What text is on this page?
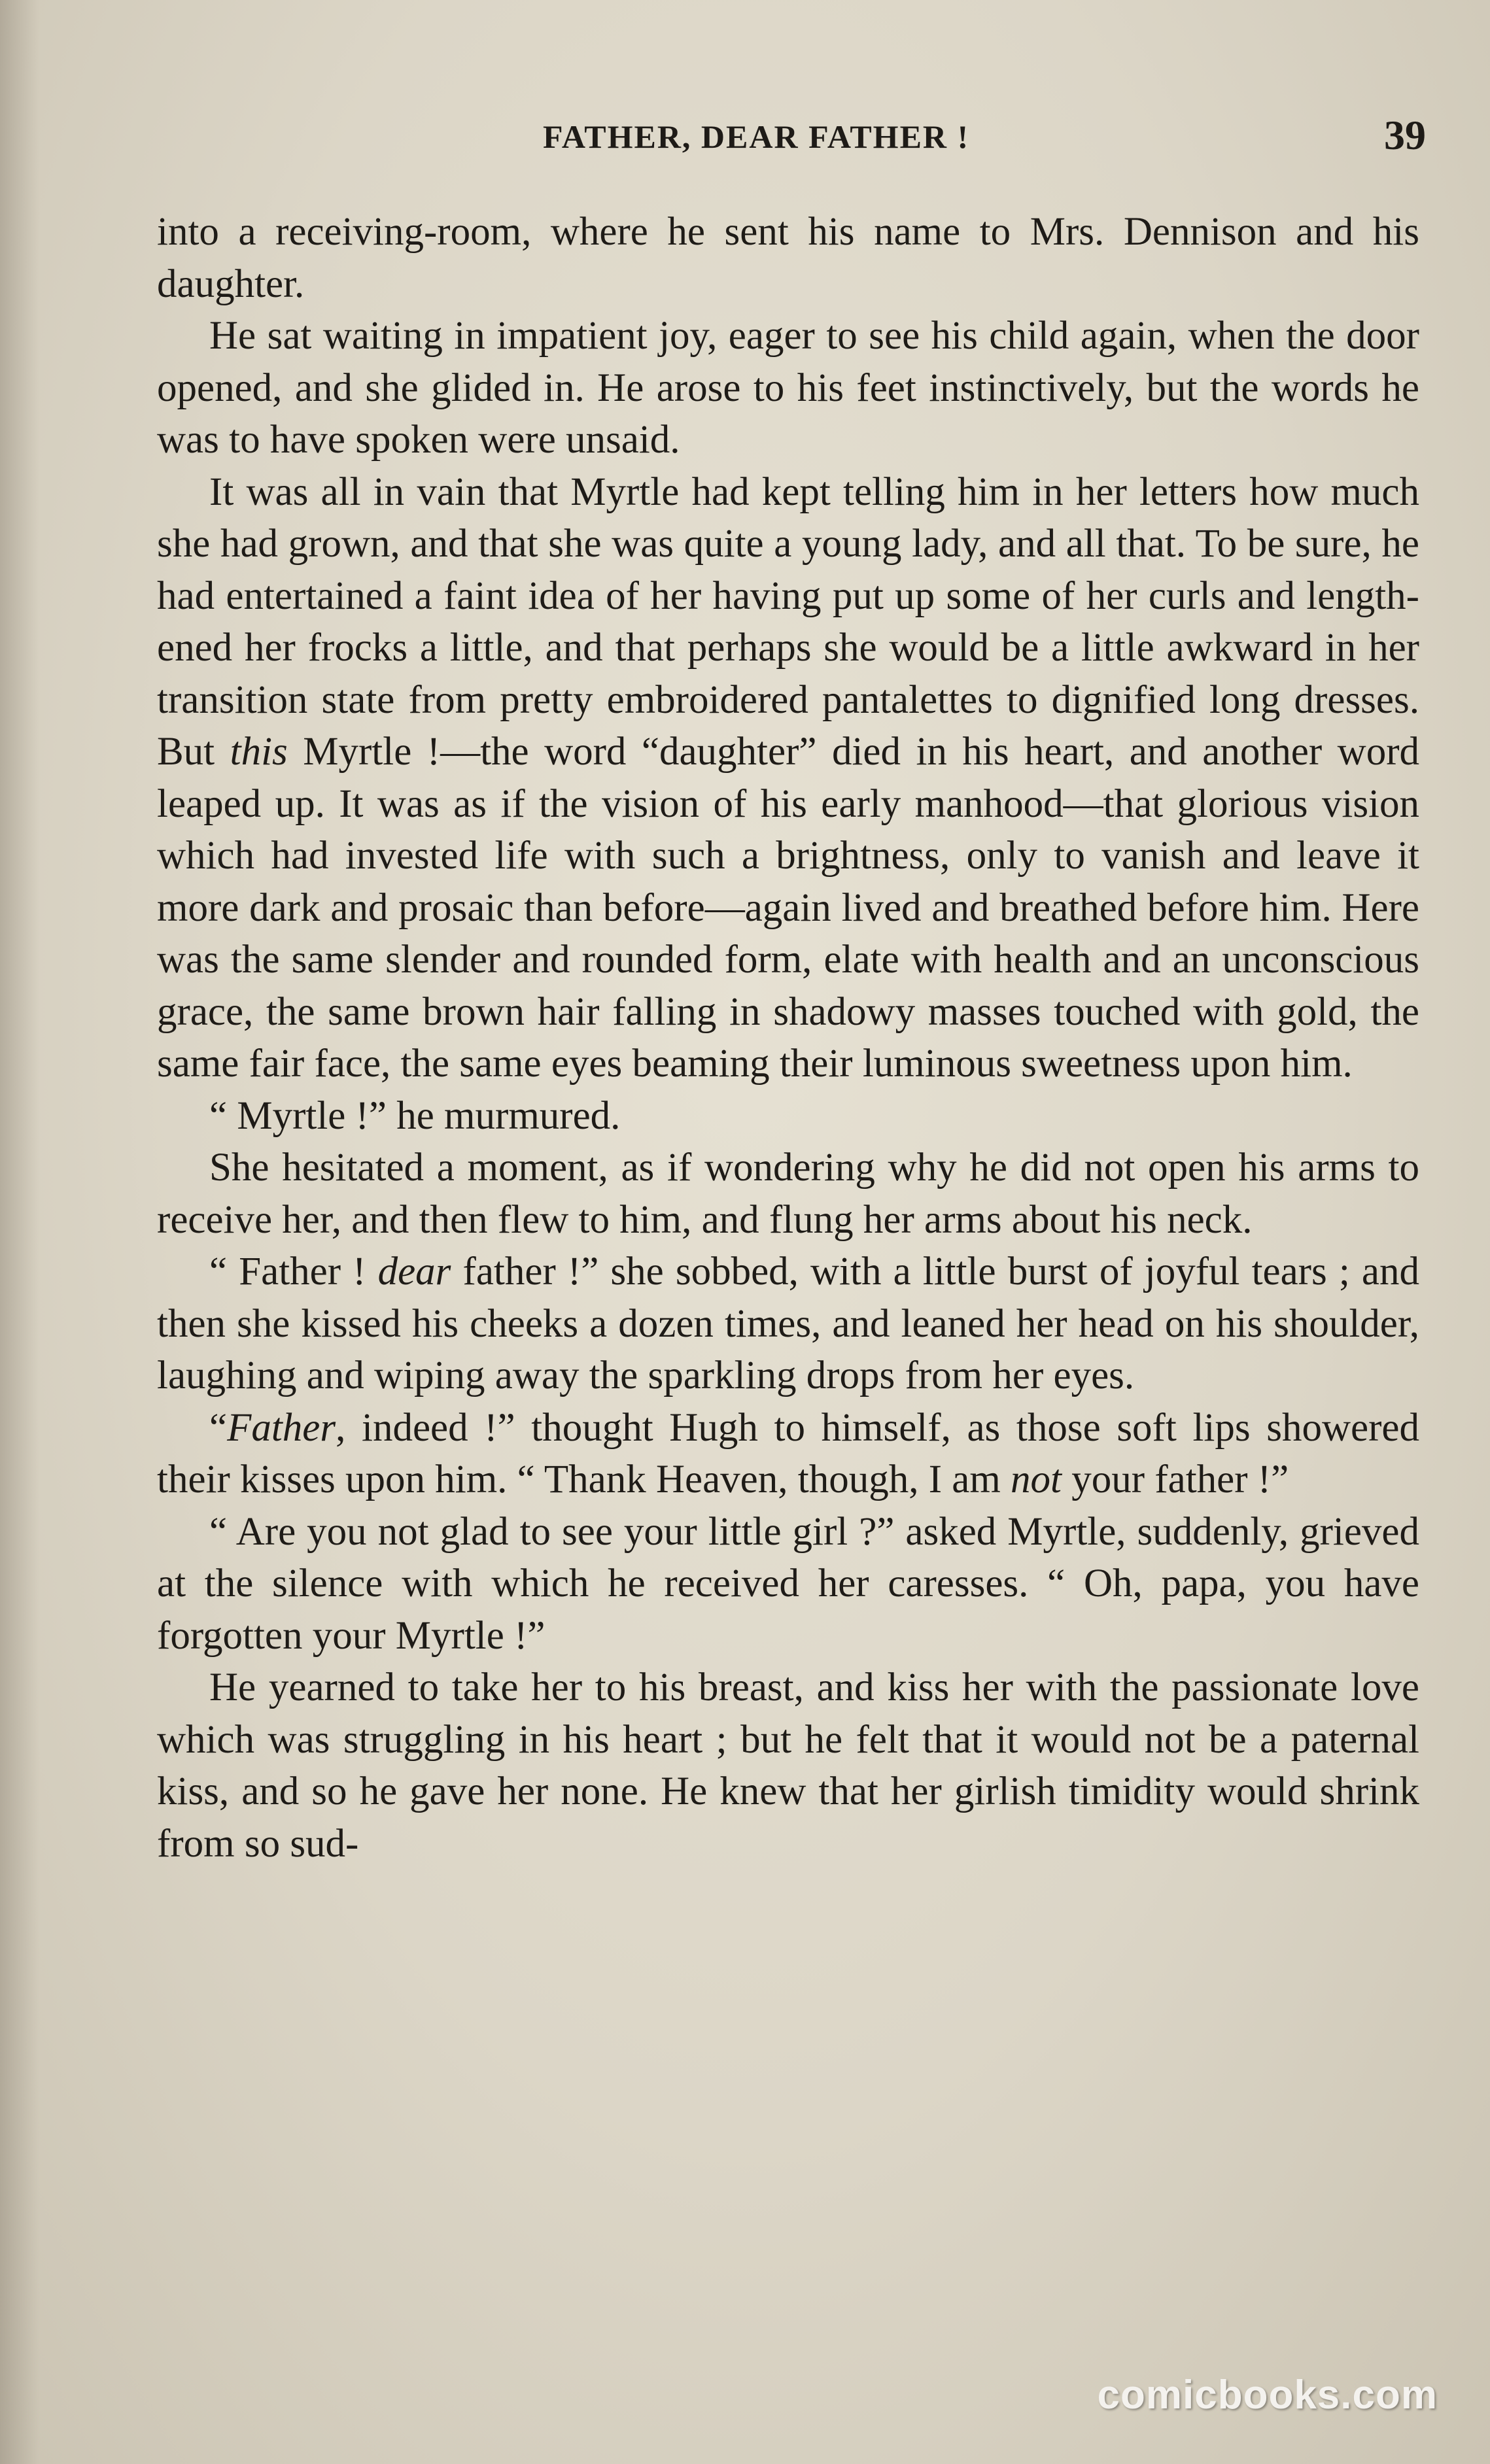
FATHER, DEAR FATHER !	39

into a receiving-room, where he sent his name to Mrs. Dennison and his daughter.

He sat waiting in impatient joy, eager to see his child again, when the door opened, and she glided in. He arose to his feet instinctively, but the words he was to have spoken were unsaid.

It was all in vain that Myrtle had kept telling him in her letters how much she had grown, and that she was quite a young lady, and all that. To be sure, he had entertained a faint idea of her having put up some of her curls and lengthened her frocks a little, and that perhaps she would be a little awkward in her transition state from pretty embroidered pantalettes to dignified long dresses. But this Myrtle !—the word “daughter” died in his heart, and another word leaped up. It was as if the vision of his early manhood—that glorious vision which had invested life with such a brightness, only to vanish and leave it more dark and prosaic than before—again lived and breathed before him. Here was the same slender and rounded form, elate with health and an unconscious grace, the same brown hair falling in shadowy masses touched with gold, the same fair face, the same eyes beaming their luminous sweetness upon him.

“ Myrtle !” he murmured.

She hesitated a moment, as if wondering why he did not open his arms to receive her, and then flew to him, and flung her arms about his neck.

“ Father ! dear father !” she sobbed, with a little burst of joyful tears ; and then she kissed his cheeks a dozen times, and leaned her head on his shoulder, laughing and wiping away the sparkling drops from her eyes.

“Father, indeed !” thought Hugh to himself, as those soft lips showered their kisses upon him. “ Thank Heaven, though, I am not your father !”

“ Are you not glad to see your little girl ?” asked Myrtle, suddenly, grieved at the silence with which he received her caresses. “ Oh, papa, you have forgotten your Myrtle !”

He yearned to take her to his breast, and kiss her with the passionate love which was struggling in his heart ; but he felt that it would not be a paternal kiss, and so he gave her none. He knew that her girlish timidity would shrink from so sud-

comicbooks.com
